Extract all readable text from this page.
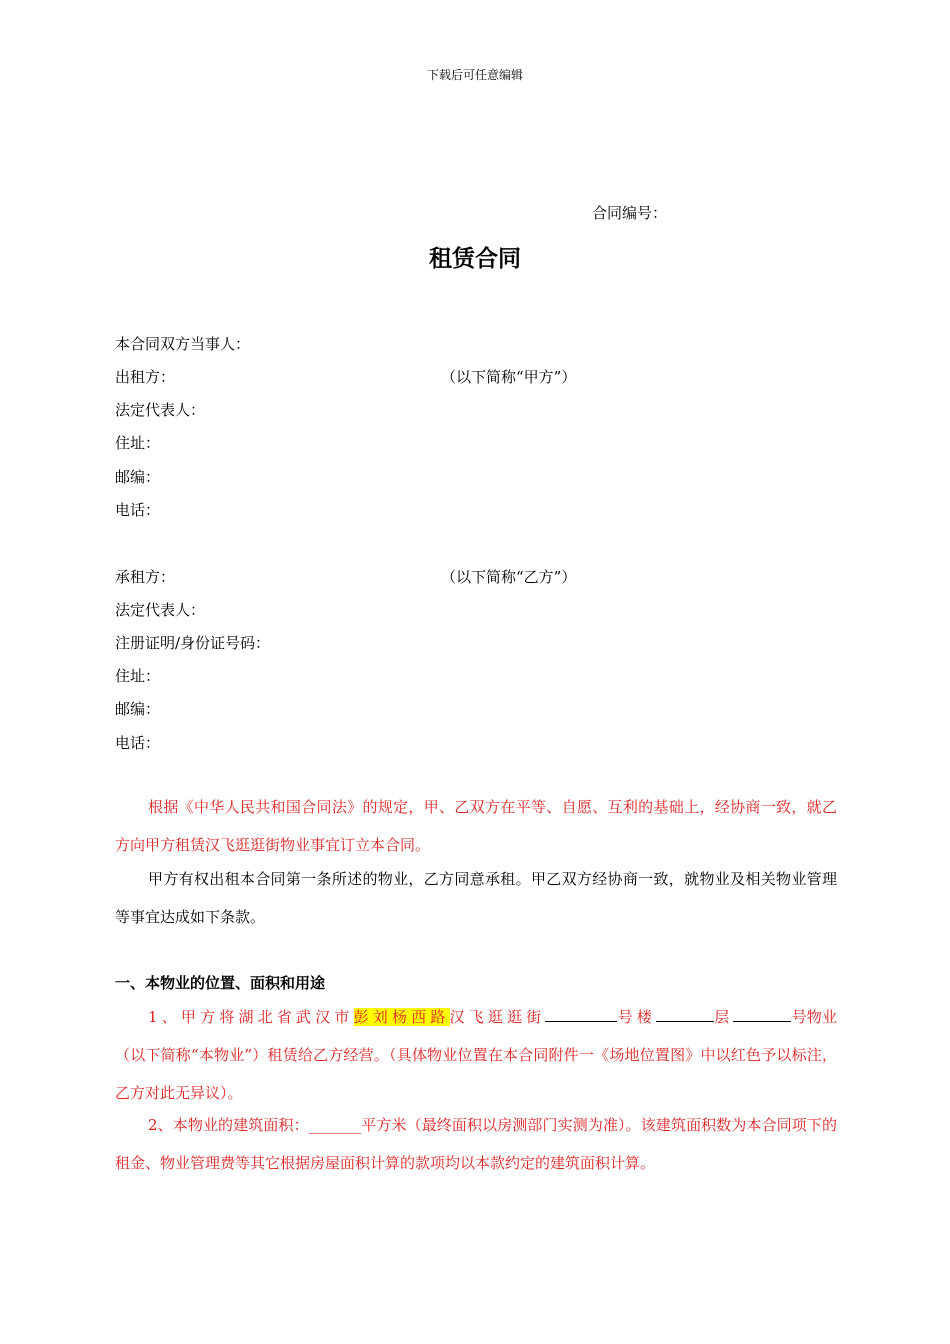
下载后可任意编辑
合同编号：
租赁合同
本合同双方当事人：
出租方：	（以下简称“甲方”）
法定代表人：
住址：
邮编：
电话：
承租方：	（以下简称“乙方”）
法定代表人：
注册证明/身份证号码：
住址：
邮编：
电话：
根据《中华人民共和国合同法》的规定，甲、乙双方在平等、自愿、互利的基础上，经协商一致，就乙方向甲方租赁汉飞逛逛街物业事宜订立本合同。
甲方有权出租本合同第一条所述的物业，乙方同意承租。甲乙双方经协商一致，就物业及相关物业管理等事宜达成如下条款。
一、本物业的位置、面积和用途
1、甲方将湖北省武汉市彭刘杨西路汉飞逛逛街	号楼	层	号物业（以下简称“本物业”）租赁给乙方经营。（具体物业位置在本合同附件一《场地位置图》中以红色予以标注，乙方对此无异议）。
2、本物业的建筑面积：_______平方米（最终面积以房测部门实测为准）。该建筑面积数为本合同项下的租金、物业管理费等其它根据房屋面积计算的款项均以本款约定的建筑面积计算。
